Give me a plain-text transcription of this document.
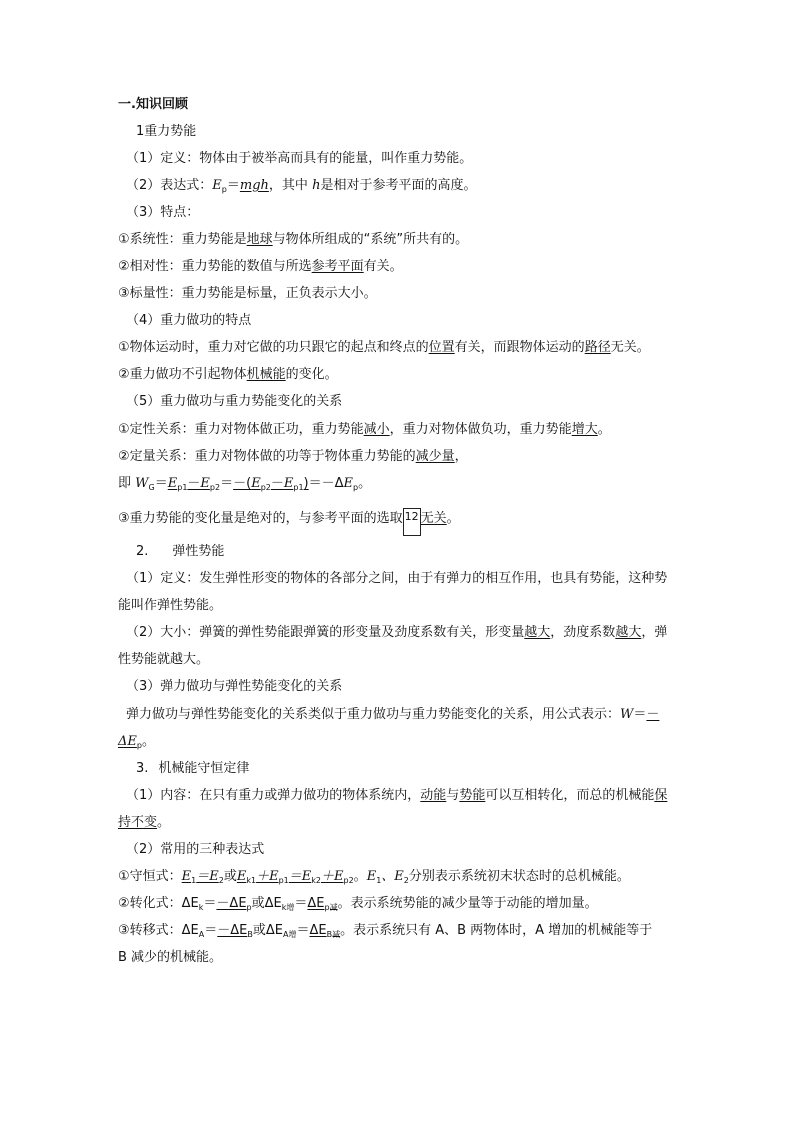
一.知识回顾
1重力势能
（1）定义：物体由于被举高而具有的能量，叫作重力势能。
（2）表达式：$E_p=mgh$，其中 h是相对于参考平面的高度。
（3）特点：
①系统性：重力势能是地球与物体所组成的“系统”所共有的。
②相对性：重力势能的数值与所选参考平面有关。
③标量性：重力势能是标量，正负表示大小。
（4）重力做功的特点
①物体运动时，重力对它做的功只跟它的起点和终点的位置有关，而跟物体运动的路径无关。
②重力做功不引起物体机械能的变化。
（5）重力做功与重力势能变化的关系
①定性关系：重力对物体做正功，重力势能减小，重力对物体做负功，重力势能增大。
②定量关系：重力对物体做的功等于物体重力势能的减少量，
即 $W_G=E_{p1}-E_{p2}=-(E_{p2}-E_{p1})=-\Delta E_p$。
③重力势能的变化量是绝对的，与参考平面的选取 12 无关。
2. 弹性势能
（1）定义：发生弹性形变的物体的各部分之间，由于有弹力的相互作用，也具有势能，这种势
能叫作弹性势能。
（2）大小：弹簧的弹性势能跟弹簧的形变量及劲度系数有关，形变量越大，劲度系数越大，弹
性势能就越大。
（3）弹力做功与弹性势能变化的关系
弹力做功与弹性势能变化的关系类似于重力做功与重力势能变化的关系，用公式表示：W＝－
$\Delta E_p$。
3. 机械能守恒定律
（1）内容：在只有重力或弹力做功的物体系统内，动能与势能可以互相转化，而总的机械能保
持不变。
（2）常用的三种表达式
①守恒式：$E_1=E_2$或$E_{k1}+E_{p1}=E_{k2}+E_{p2}$。$E_1$、$E_2$分别表示系统初末状态时的总机械能。
②转化式：$\Delta E_k=-\Delta E_p$或$\Delta E_{k增}=\Delta E_{p减}$。表示系统势能的减少量等于动能的增加量。
③转移式：$\Delta E_A=-\Delta E_B$或$\Delta E_{A增}=\Delta E_{B减}$。表示系统只有 A、B 两物体时，A 增加的机械能等于
B 减少的机械能。
